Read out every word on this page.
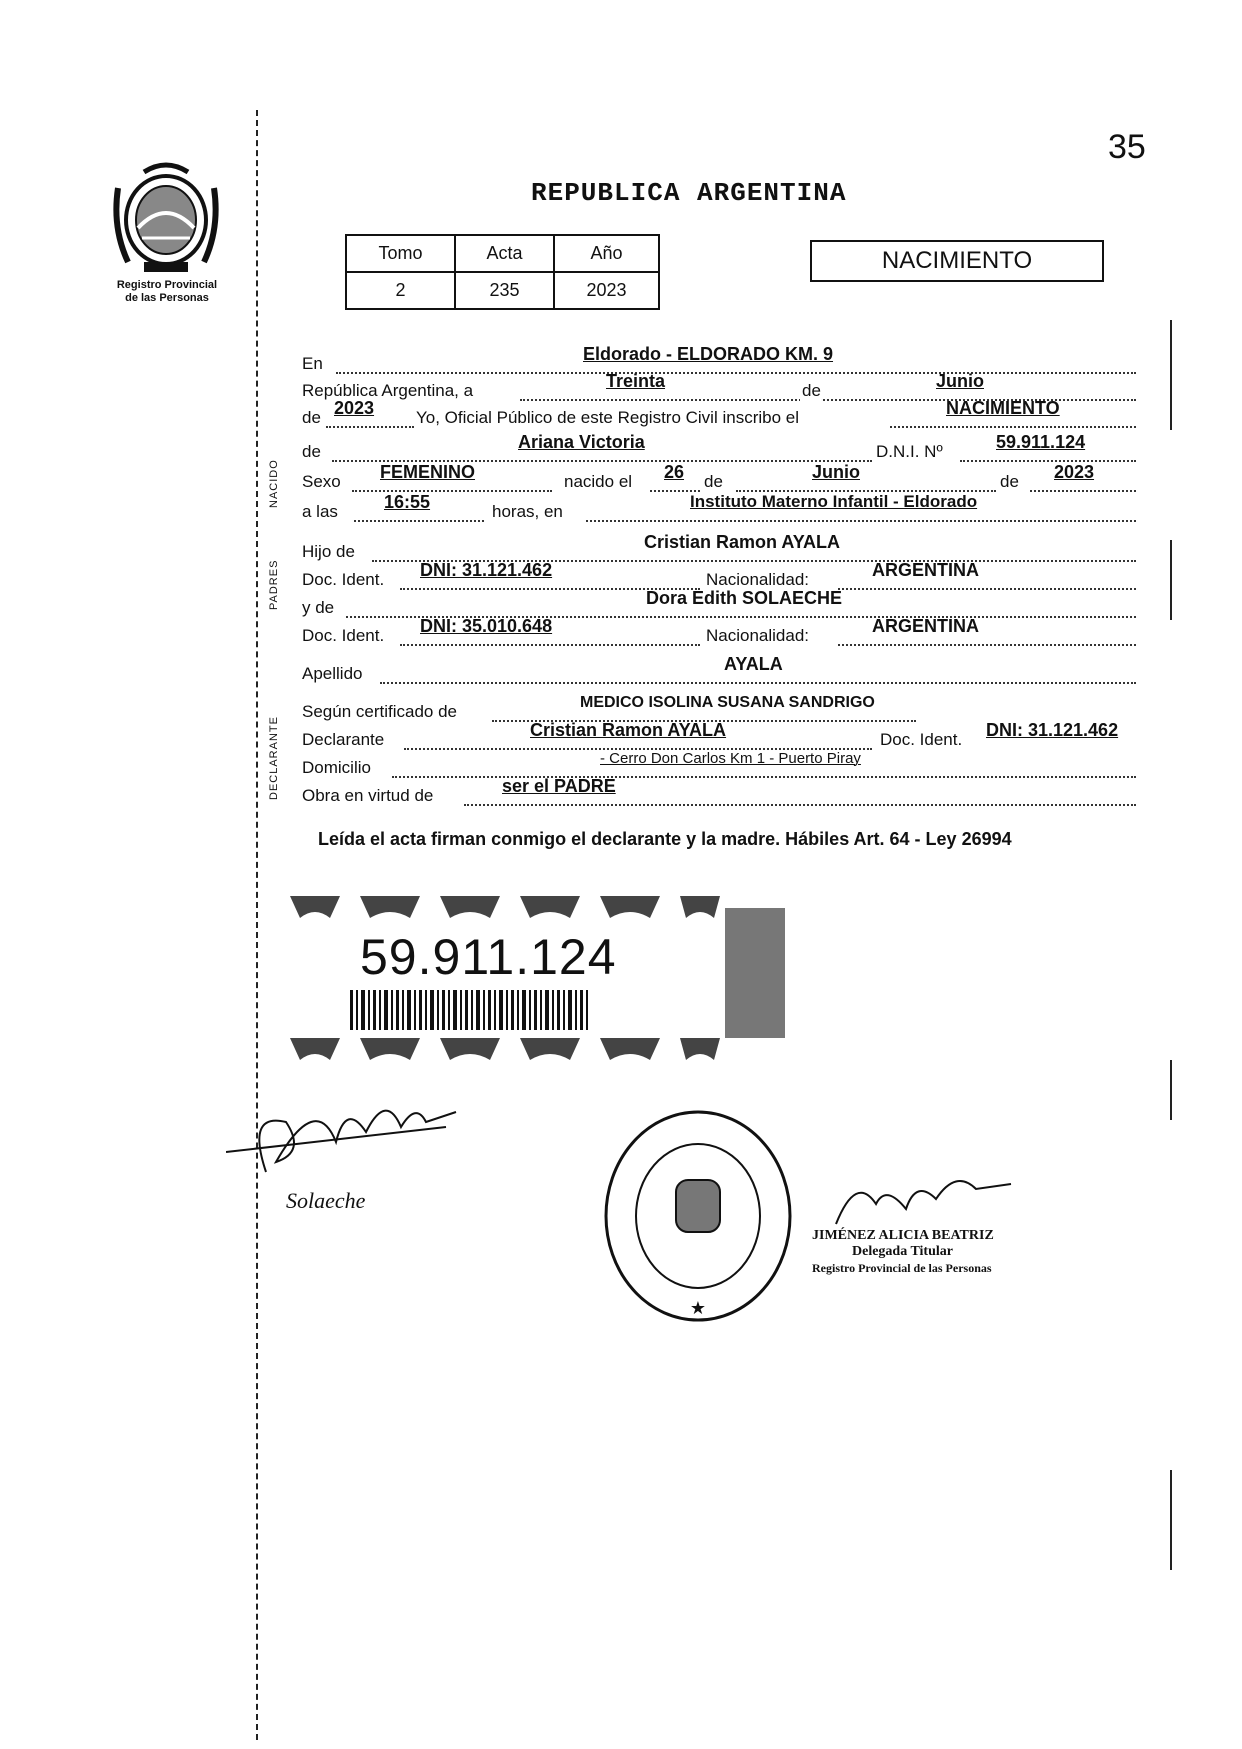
35
Registro Provincial
de las Personas
REPUBLICA ARGENTINA
Tomo	Acta	Año
2	235	2023
NACIMIENTO
En	Eldorado - ELDORADO KM. 9
República Argentina, a	Treinta	de	Junio
de 2023 Yo, Oficial Público de este Registro Civil inscribo el	NACIMIENTO
NACIDO
de	Ariana Victoria	D.N.I. Nº	59.911.124
Sexo FEMENINO	nacido el 26 de	Junio	de 2023
a las	16:55	horas, en
Instituto Materno Infantil - Eldorado
PADRES
Hijo de	Cristian Ramon AYALA
Doc. Ident. DNI: 31.121.462	Nacionalidad:	ARGENTINA
y de	Dora Edith SOLAECHE
Doc. Ident. DNI: 35.010.648	Nacionalidad:	ARGENTINA
Apellido	AYALA
DECLARANTE
Según certificado de	MEDICO ISOLINA SUSANA SANDRIGO
Declarante	Cristian Ramon AYALA	Doc. Ident. DNI: 31.121.462
Domicilio	- Cerro Don Carlos Km 1 - Puerto Piray
Obra en virtud de	ser el PADRE
Leída el acta firman conmigo el declarante y la madre. Hábiles Art. 64 - Ley 26994
59.911.124
Solaeche
★
JIMÉNEZ ALICIA BEATRIZ
Delegada Titular
Registro Provincial de las Personas
